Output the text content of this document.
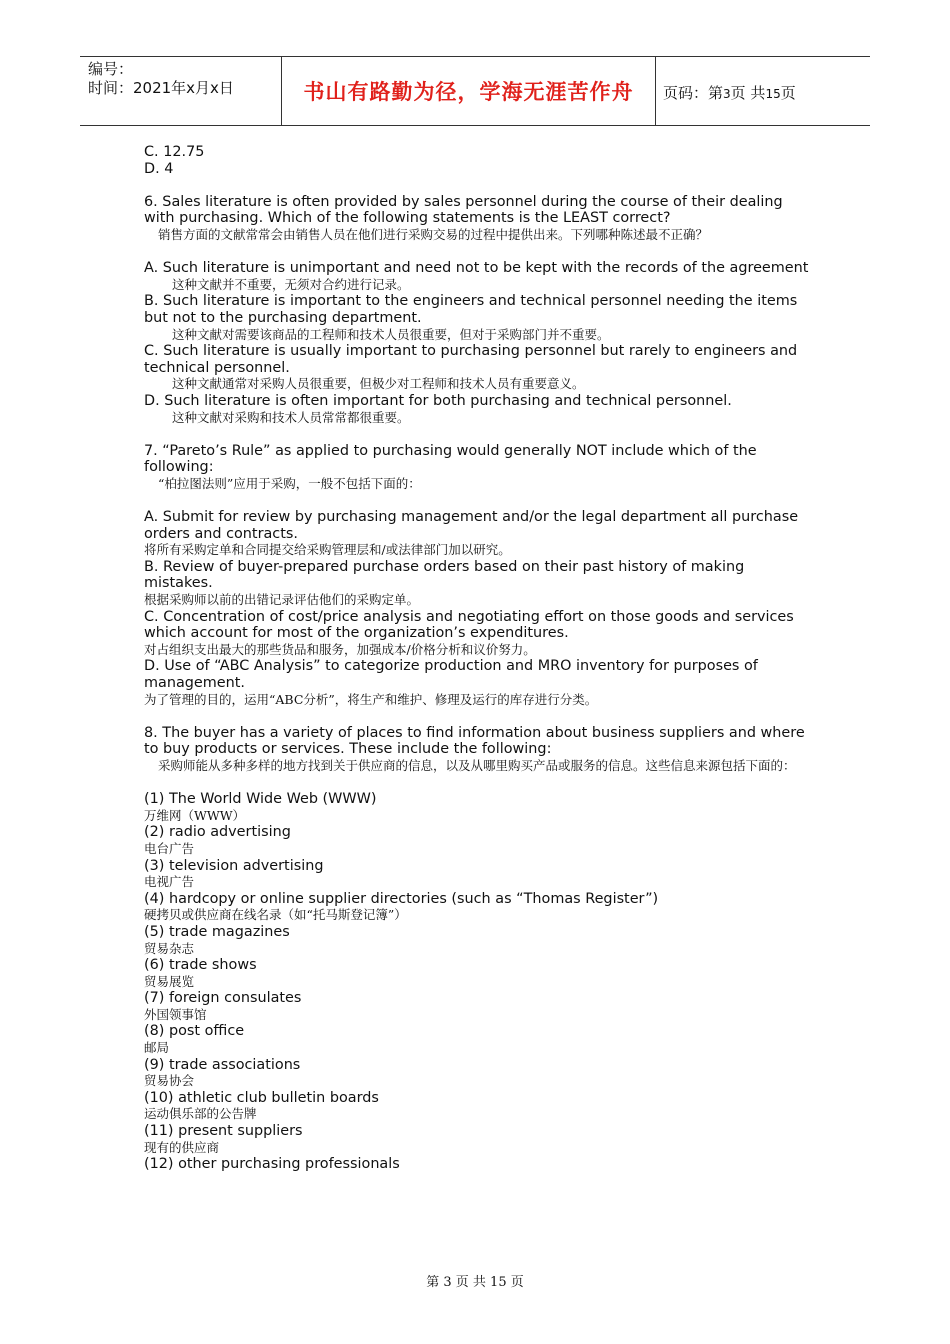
编号：
时间：2021年x月x日	书山有路勤为径，学海无涯苦作舟	页码：第3页 共15页
C. 12.75
D. 4
6. Sales literature is often provided by sales personnel during the course of their dealing with purchasing. Which of the following statements is the LEAST correct?
销售方面的文献常常会由销售人员在他们进行采购交易的过程中提供出来。下列哪种陈述最不正确？
A. Such literature is unimportant and need not to be kept with the records of the agreement
这种文献并不重要，无须对合约进行记录。
B. Such literature is important to the engineers and technical personnel needing the items but not to the purchasing department.
这种文献对需要该商品的工程师和技术人员很重要，但对于采购部门并不重要。
C. Such literature is usually important to purchasing personnel but rarely to engineers and technical personnel.
这种文献通常对采购人员很重要，但极少对工程师和技术人员有重要意义。
D. Such literature is often important for both purchasing and technical personnel.
这种文献对采购和技术人员常常都很重要。
7. “Pareto’s Rule” as applied to purchasing would generally NOT include which of the following:
“柏拉图法则”应用于采购，一般不包括下面的：
A. Submit for review by purchasing management and/or the legal department all purchase orders and contracts.
将所有采购定单和合同提交给采购管理层和/或法律部门加以研究。
B. Review of buyer-prepared purchase orders based on their past history of making mistakes.
根据采购师以前的出错记录评估他们的采购定单。
C. Concentration of cost/price analysis and negotiating effort on those goods and services which account for most of the organization’s expenditures.
对占组织支出最大的那些货品和服务，加强成本/价格分析和议价努力。
D. Use of “ABC Analysis” to categorize production and MRO inventory for purposes of management.
为了管理的目的，运用“ABC分析”，将生产和维护、修理及运行的库存进行分类。
8. The buyer has a variety of places to find information about business suppliers and where to buy products or services. These include the following:
采购师能从多种多样的地方找到关于供应商的信息，以及从哪里购买产品或服务的信息。这些信息来源包括下面的：
(1) The World Wide Web (WWW)
万维网（WWW）
(2) radio advertising
电台广告
(3) television advertising
电视广告
(4) hardcopy or online supplier directories (such as “Thomas Register”)
硬拷贝或供应商在线名录（如“托马斯登记簿”）
(5) trade magazines
贸易杂志
(6) trade shows
贸易展览
(7) foreign consulates
外国领事馆
(8) post office
邮局
(9) trade associations
贸易协会
(10) athletic club bulletin boards
运动俱乐部的公告牌
(11) present suppliers
现有的供应商
(12) other purchasing professionals
第 3 页 共 15 页
